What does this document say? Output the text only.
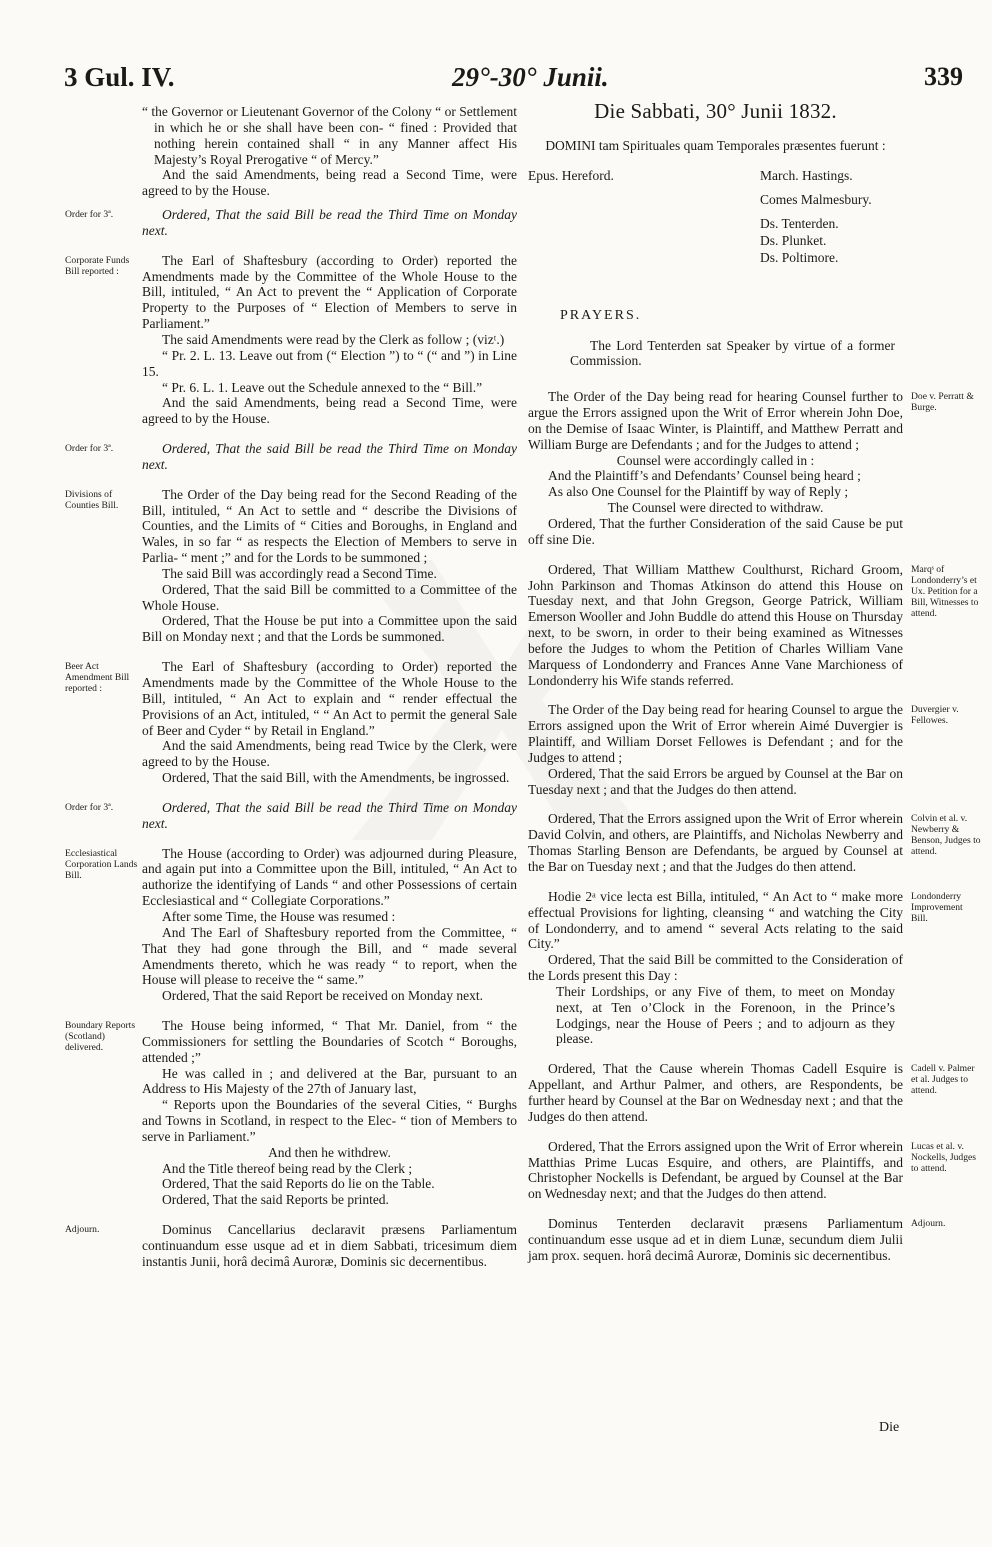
3 Gul. IV.	29°-30° Junii.	339

“ the Governor or Lieutenant Governor of the Colony “ or Settlement in which he or she shall have been con- “ fined : Provided that nothing herein contained shall “ in any Manner affect His Majesty’s Royal Prerogative “ of Mercy.”

And the said Amendments, being read a Second Time, were agreed to by the House.

Order for 3ª.	Ordered, That the said Bill be read the Third Time on Monday next.

Corporate Funds Bill reported :

The Earl of Shaftesbury (according to Order) reported the Amendments made by the Committee of the Whole House to the Bill, intituled, “ An Act to prevent the “ Application of Corporate Property to the Purposes of “ Election of Members to serve in Parliament.”

The said Amendments were read by the Clerk as follow ; (vizᵗ.)

“ Pr. 2. L. 13. Leave out from (“ Election ”) to “ (“ and ”) in Line 15.

“ Pr. 6. L. 1. Leave out the Schedule annexed to the “ Bill.”

And the said Amendments, being read a Second Time, were agreed to by the House.

Order for 3ª.	Ordered, That the said Bill be read the Third Time on Monday next.

Divisions of Counties Bill.

The Order of the Day being read for the Second Reading of the Bill, intituled, “ An Act to settle and “ describe the Divisions of Counties, and the Limits of “ Cities and Boroughs, in England and Wales, in so far “ as respects the Election of Members to serve in Parlia- “ ment ;” and for the Lords to be summoned ;

The said Bill was accordingly read a Second Time.

Ordered, That the said Bill be committed to a Committee of the Whole House.

Ordered, That the House be put into a Committee upon the said Bill on Monday next ; and that the Lords be summoned.

Beer Act Amendment Bill reported :

The Earl of Shaftesbury (according to Order) reported the Amendments made by the Committee of the Whole House to the Bill, intituled, “ An Act to explain and “ render effectual the Provisions of an Act, intituled, “ “ An Act to permit the general Sale of Beer and Cyder “ by Retail in England.”

And the said Amendments, being read Twice by the Clerk, were agreed to by the House.

Ordered, That the said Bill, with the Amendments, be ingrossed.

Order for 3ª.	Ordered, That the said Bill be read the Third Time on Monday next.

Ecclesiastical Corporation Lands Bill.

The House (according to Order) was adjourned during Pleasure, and again put into a Committee upon the Bill, intituled, “ An Act to authorize the identifying of Lands “ and other Possessions of certain Ecclesiastical and “ Collegiate Corporations.”

After some Time, the House was resumed :

And The Earl of Shaftesbury reported from the Committee, “ That they had gone through the Bill, and “ made several Amendments thereto, which he was ready “ to report, when the House will please to receive the “ same.”

Ordered, That the said Report be received on Monday next.

Boundary Reports (Scotland) delivered.

The House being informed, “ That Mr. Daniel, from “ the Commissioners for settling the Boundaries of Scotch “ Boroughs, attended ;”

He was called in ; and delivered at the Bar, pursuant to an Address to His Majesty of the 27th of January last,

“ Reports upon the Boundaries of the several Cities, “ Burghs and Towns in Scotland, in respect to the Elec- “ tion of Members to serve in Parliament.”

And then he withdrew.

And the Title thereof being read by the Clerk ;

Ordered, That the said Reports do lie on the Table.

Ordered, That the said Reports be printed.

Adjourn.	Dominus Cancellarius declaravit præsens Parliamentum continuandum esse usque ad et in diem Sabbati, tricesimum diem instantis Junii, horâ decimâ Auroræ, Dominis sic decernentibus.

Die Sabbati, 30° Junii 1832.

DOMINI tam Spirituales quam Temporales præsentes fuerunt :

Epus. Hereford.	March. Hastings.
Comes Malmesbury.
Ds. Tenterden.
Ds. Plunket.
Ds. Poltimore.

PRAYERS.

The Lord Tenterden sat Speaker by virtue of a former Commission.

Doe v. Perratt & Burge.

The Order of the Day being read for hearing Counsel further to argue the Errors assigned upon the Writ of Error wherein John Doe, on the Demise of Isaac Winter, is Plaintiff, and Matthew Perratt and William Burge are Defendants ; and for the Judges to attend ;

Counsel were accordingly called in :

And the Plaintiff’s and Defendants’ Counsel being heard ;

As also One Counsel for the Plaintiff by way of Reply ;

The Counsel were directed to withdraw.

Ordered, That the further Consideration of the said Cause be put off sine Die.

Marqˢ of Londonderry’s et Ux. Petition for a Bill, Witnesses to attend.

Ordered, That William Matthew Coulthurst, Richard Groom, John Parkinson and Thomas Atkinson do attend this House on Tuesday next, and that John Gregson, George Patrick, William Emerson Wooller and John Buddle do attend this House on Thursday next, to be sworn, in order to their being examined as Witnesses before the Judges to whom the Petition of Charles William Vane Marquess of Londonderry and Frances Anne Vane Marchioness of Londonderry his Wife stands referred.

Duvergier v. Fellowes.

The Order of the Day being read for hearing Counsel to argue the Errors assigned upon the Writ of Error wherein Aimé Duvergier is Plaintiff, and William Dorset Fellowes is Defendant ; and for the Judges to attend ;

Ordered, That the said Errors be argued by Counsel at the Bar on Tuesday next ; and that the Judges do then attend.

Colvin et al. v. Newberry & Benson, Judges to attend.

Ordered, That the Errors assigned upon the Writ of Error wherein David Colvin, and others, are Plaintiffs, and Nicholas Newberry and Thomas Starling Benson are Defendants, be argued by Counsel at the Bar on Tuesday next ; and that the Judges do then attend.

Londonderry Improvement Bill.

Hodie 2ᵃ vice lecta est Billa, intituled, “ An Act to “ make more effectual Provisions for lighting, cleansing “ and watching the City of Londonderry, and to amend “ several Acts relating to the said City.”

Ordered, That the said Bill be committed to the Consideration of the Lords present this Day :

Their Lordships, or any Five of them, to meet on Monday next, at Ten o’Clock in the Forenoon, in the Prince’s Lodgings, near the House of Peers ; and to adjourn as they please.

Cadell v. Palmer et al. Judges to attend.

Ordered, That the Cause wherein Thomas Cadell Esquire is Appellant, and Arthur Palmer, and others, are Respondents, be further heard by Counsel at the Bar on Wednesday next ; and that the Judges do then attend.

Lucas et al. v. Nockells, Judges to attend.

Ordered, That the Errors assigned upon the Writ of Error wherein Matthias Prime Lucas Esquire, and others, are Plaintiffs, and Christopher Nockells is Defendant, be argued by Counsel at the Bar on Wednesday next; and that the Judges do then attend.

Adjourn.

Dominus Tenterden declaravit præsens Parliamentum continuandum esse usque ad et in diem Lunæ, secundum diem Julii jam prox. sequen. horâ decimâ Auroræ, Dominis sic decernentibus.

Die
